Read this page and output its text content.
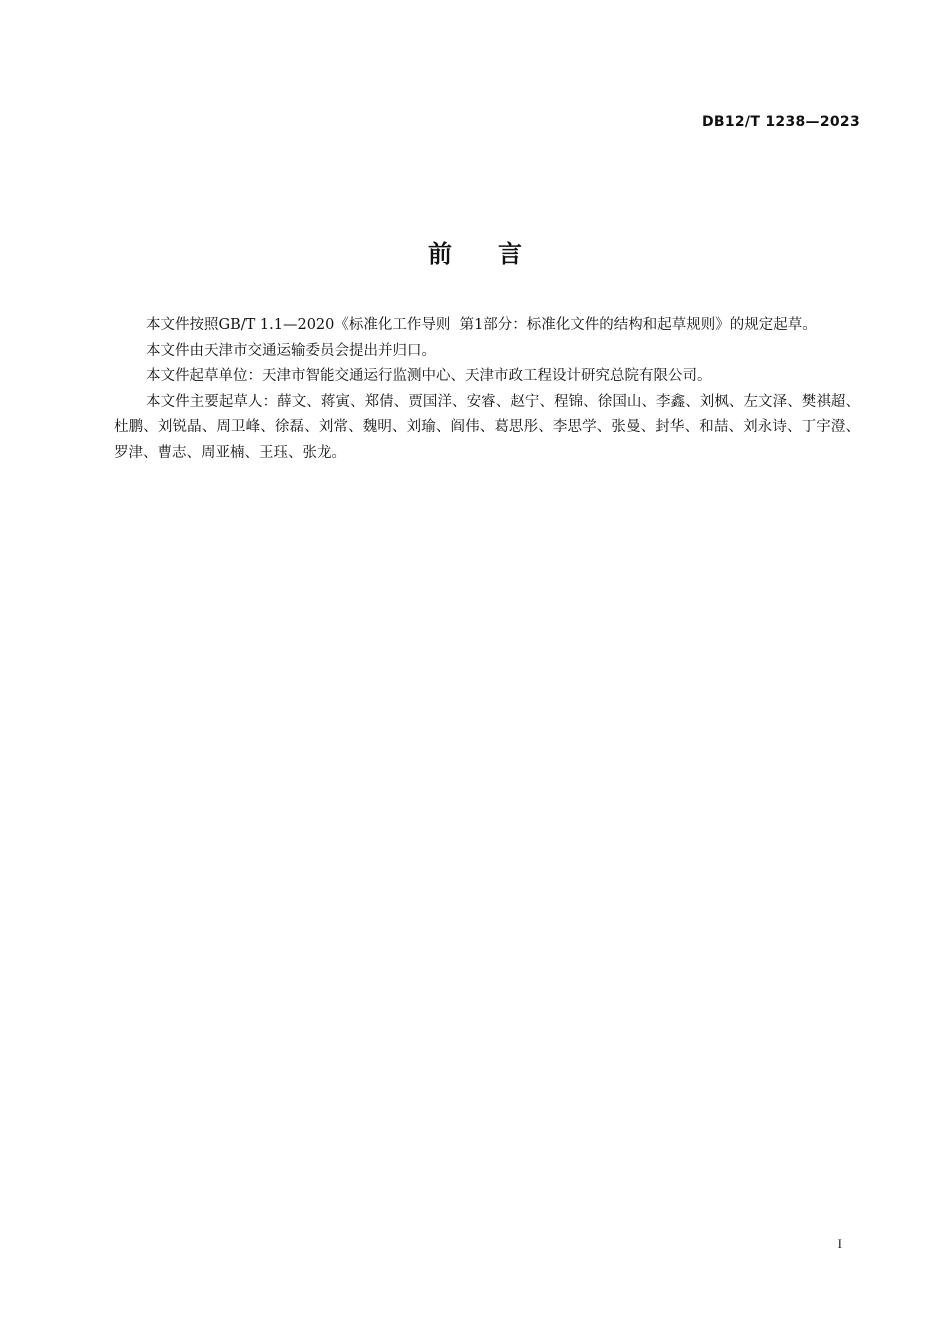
DB12/T 1238—2023
前言

本文件按照GB/T 1.1—2020《标准化工作导则  第1部分：标准化文件的结构和起草规则》的规定起草。

本文件由天津市交通运输委员会提出并归口。

本文件起草单位：天津市智能交通运行监测中心、天津市政工程设计研究总院有限公司。

本文件主要起草人：薛文、蒋寅、郑倩、贾国洋、安睿、赵宁、程锦、徐国山、李鑫、刘枫、左文泽、樊祺超、杜鹏、刘锐晶、周卫峰、徐磊、刘常、魏明、刘瑜、阎伟、葛思彤、李思学、张曼、封华、和喆、刘永诗、丁宇澄、罗津、曹志、周亚楠、王珏、张龙。

I
